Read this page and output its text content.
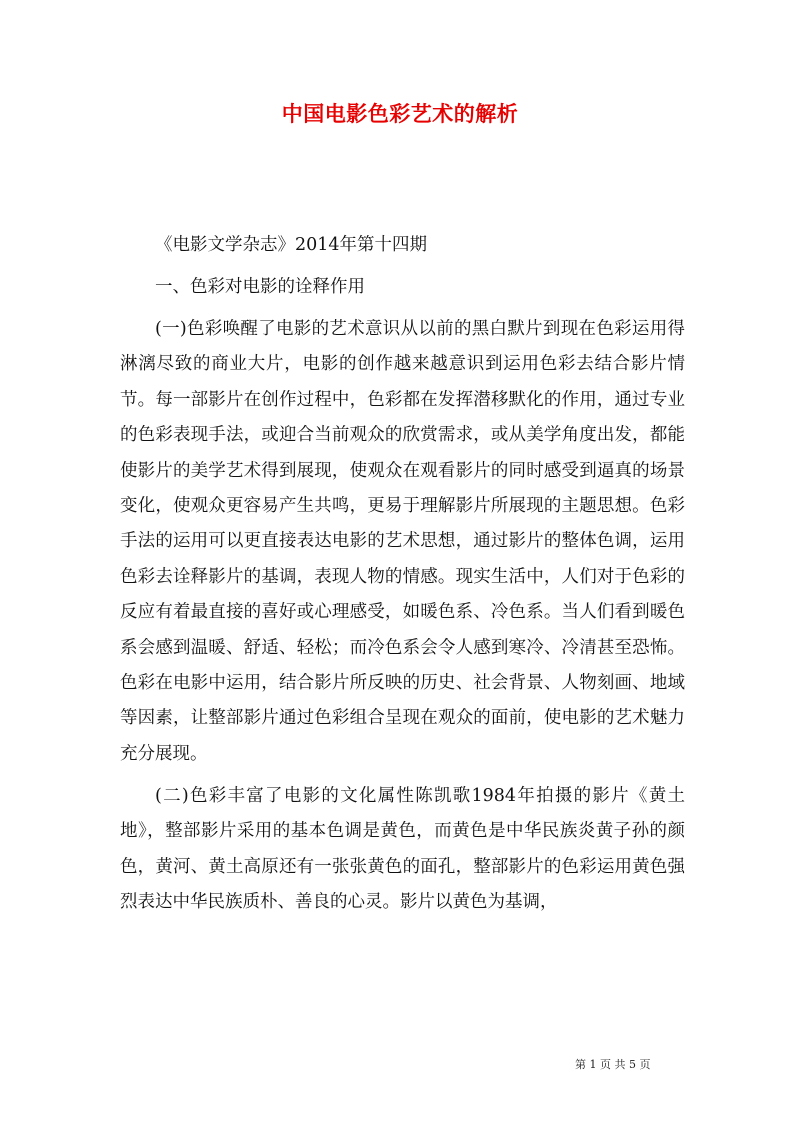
中国电影色彩艺术的解析

《电影文学杂志》2014年第十四期

一、色彩对电影的诠释作用

(一)色彩唤醒了电影的艺术意识从以前的黑白默片到现在色彩运用得淋漓尽致的商业大片，电影的创作越来越意识到运用色彩去结合影片情节。每一部影片在创作过程中，色彩都在发挥潜移默化的作用，通过专业的色彩表现手法，或迎合当前观众的欣赏需求，或从美学角度出发，都能使影片的美学艺术得到展现，使观众在观看影片的同时感受到逼真的场景变化，使观众更容易产生共鸣，更易于理解影片所展现的主题思想。色彩手法的运用可以更直接表达电影的艺术思想，通过影片的整体色调，运用色彩去诠释影片的基调，表现人物的情感。现实生活中，人们对于色彩的反应有着最直接的喜好或心理感受，如暖色系、冷色系。当人们看到暖色系会感到温暖、舒适、轻松；而冷色系会令人感到寒冷、冷清甚至恐怖。色彩在电影中运用，结合影片所反映的历史、社会背景、人物刻画、地域等因素，让整部影片通过色彩组合呈现在观众的面前，使电影的艺术魅力充分展现。

(二)色彩丰富了电影的文化属性陈凯歌1984年拍摄的影片《黄土地》，整部影片采用的基本色调是黄色，而黄色是中华民族炎黄子孙的颜色，黄河、黄土高原还有一张张黄色的面孔，整部影片的色彩运用黄色强烈表达中华民族质朴、善良的心灵。影片以黄色为基调，

第 1 页 共 5 页
